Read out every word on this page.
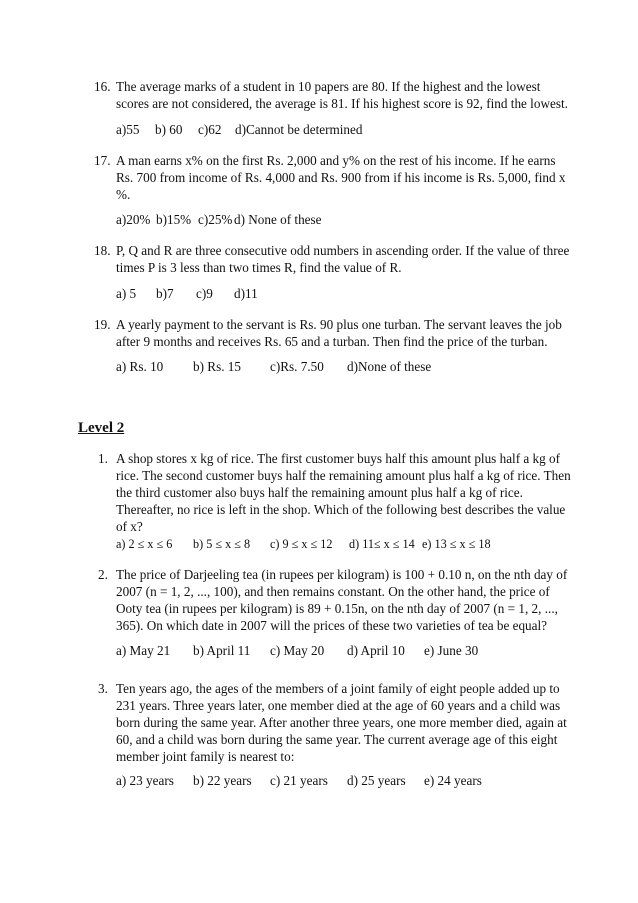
16. The average marks of a student in 10 papers are 80. If the highest and the lowest scores are not considered, the average is 81. If his highest score is 92, find the lowest.
a)55 b) 60 c)62 d)Cannot be determined
17. A man earns x% on the first Rs. 2,000 and y% on the rest of his income. If he earns Rs. 700 from income of Rs. 4,000 and Rs. 900 from if his income is Rs. 5,000, find x %.
a)20% b)15% c)25% d) None of these
18. P, Q and R are three consecutive odd numbers in ascending order. If the value of three times P is 3 less than two times R, find the value of R.
a) 5 b)7 c)9 d)11
19. A yearly payment to the servant is Rs. 90 plus one turban. The servant leaves the job after 9 months and receives Rs. 65 and a turban. Then find the price of the turban.
a) Rs. 10 b) Rs. 15 c)Rs. 7.50 d)None of these
Level 2
1. A shop stores x kg of rice. The first customer buys half this amount plus half a kg of rice. The second customer buys half the remaining amount plus half a kg of rice. Then the third customer also buys half the remaining amount plus half a kg of rice. Thereafter, no rice is left in the shop. Which of the following best describes the value of x?
a) 2 ≤ x ≤ 6 b) 5 ≤ x ≤ 8 c) 9 ≤ x ≤ 12 d) 11≤ x ≤ 14 e) 13 ≤ x ≤ 18
2. The price of Darjeeling tea (in rupees per kilogram) is 100 + 0.10 n, on the nth day of 2007 (n = 1, 2, ..., 100), and then remains constant. On the other hand, the price of Ooty tea (in rupees per kilogram) is 89 + 0.15n, on the nth day of 2007 (n = 1, 2, ..., 365). On which date in 2007 will the prices of these two varieties of tea be equal?
a) May 21 b) April 11 c) May 20 d) April 10 e) June 30
3. Ten years ago, the ages of the members of a joint family of eight people added up to 231 years. Three years later, one member died at the age of 60 years and a child was born during the same year. After another three years, one more member died, again at 60, and a child was born during the same year. The current average age of this eight member joint family is nearest to:
a) 23 years b) 22 years c) 21 years d) 25 years e) 24 years
